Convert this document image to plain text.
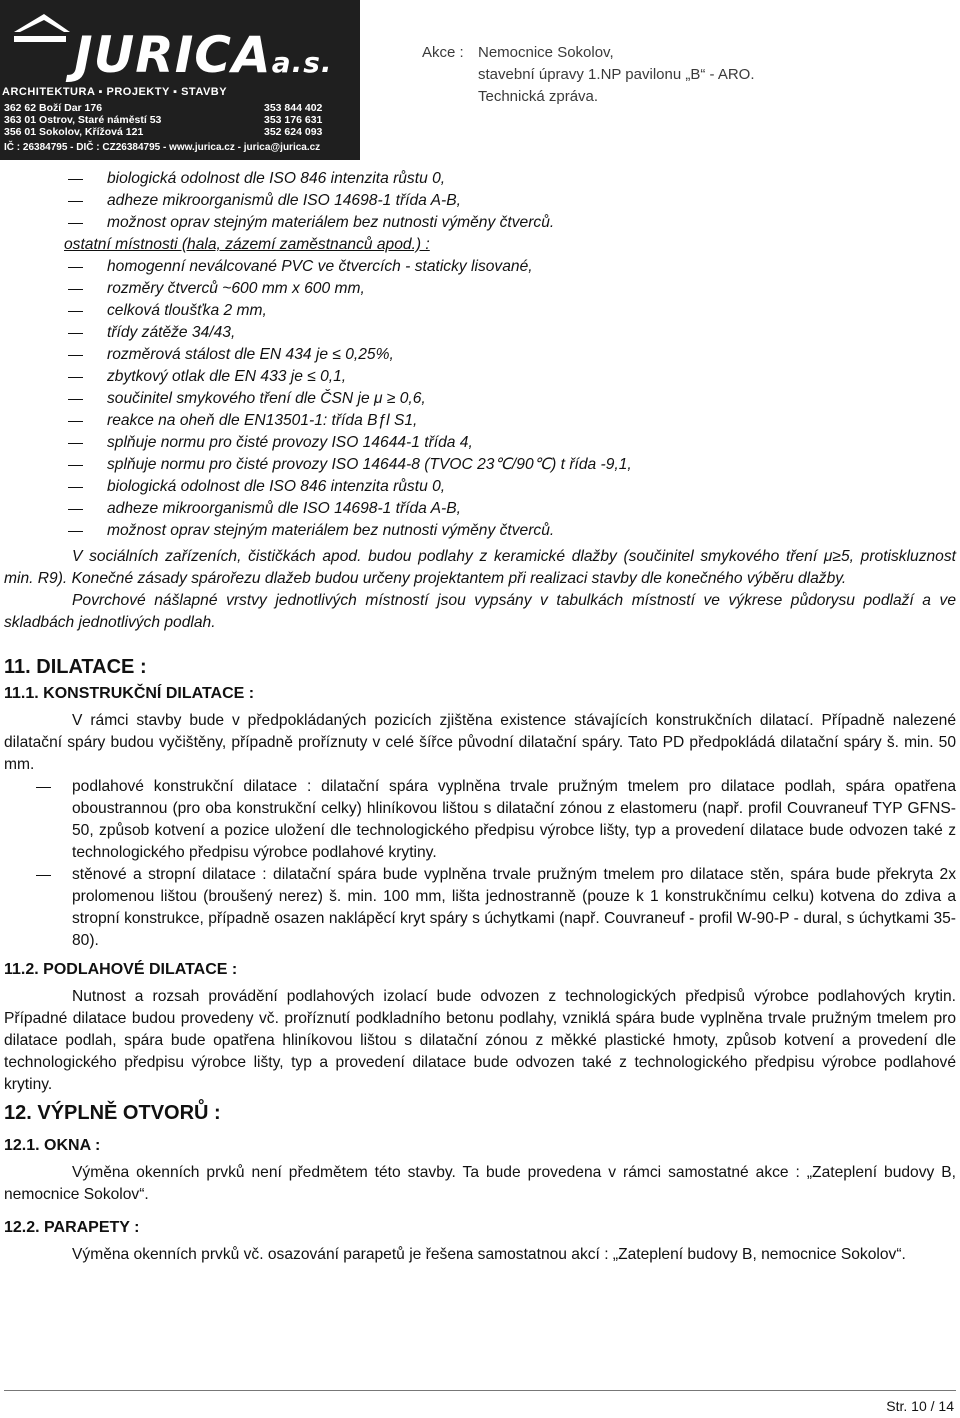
JURICAa.s.
ARCHITEKTURA ▪ PROJEKTY ▪ STAVBY
362 62 Boží Dar 176	353 844 402
363 01 Ostrov, Staré náměstí 53	353 176 631
356 01 Sokolov, Křížová 121	352 624 093
IČ : 26384795 - DIČ : CZ26384795 - www.jurica.cz - jurica@jurica.cz
Akce : Nemocnice Sokolov,
stavební úpravy 1.NP pavilonu „B“ - ARO.
Technická zpráva.
biologická odolnost dle ISO 846 intenzita růstu 0,
adheze mikroorganismů dle ISO 14698-1 třída A-B,
možnost oprav stejným materiálem bez nutnosti výměny čtverců.
ostatní místnosti (hala, zázemí zaměstnanců apod.) :
homogenní neválcované PVC ve čtvercích - staticky lisované,
rozměry čtverců ~600 mm x 600 mm,
celková tloušťka 2 mm,
třídy zátěže 34/43,
rozměrová stálost dle EN 434 je ≤ 0,25%,
zbytkový otlak dle EN 433 je ≤ 0,1,
součinitel smykového tření dle ČSN je μ ≥ 0,6,
reakce na oheň dle EN13501-1: třída Bƒl S1,
splňuje normu pro čisté provozy ISO 14644-1 třída 4,
splňuje normu pro čisté provozy ISO 14644-8 (TVOC 23℃/90℃) t řída -9,1,
biologická odolnost dle ISO 846 intenzita růstu 0,
adheze mikroorganismů dle ISO 14698-1 třída A-B,
možnost oprav stejným materiálem bez nutnosti výměny čtverců.
V sociálních zařízeních, čističkách apod. budou podlahy z keramické dlažby (součinitel smykového tření μ≥5, protiskluznost min. R9). Konečné zásady spárořezu dlažeb budou určeny projektantem při realizaci stavby dle konečného výběru dlažby.
Povrchové nášlapné vrstvy jednotlivých místností jsou vypsány v tabulkách místností ve výkrese půdorysu podlaží a ve skladbách jednotlivých podlah.
11. DILATACE :
11.1. KONSTRUKČNÍ DILATACE :
V rámci stavby bude v předpokládaných pozicích zjištěna existence stávajících konstrukčních dilatací. Případně nalezené dilatační spáry budou vyčištěny, případně proříznuty v celé šířce původní dilatační spáry. Tato PD předpokládá dilatační spáry š. min. 50 mm.
podlahové konstrukční dilatace : dilatační spára vyplněna trvale pružným tmelem pro dilatace podlah, spára opatřena oboustrannou (pro oba konstrukční celky) hliníkovou lištou s dilatační zónou z elastomeru (např. profil Couvraneuf TYP GFNS-50, způsob kotvení a pozice uložení dle technologického předpisu výrobce lišty, typ a provedení dilatace bude odvozen také z technologického předpisu výrobce podlahové krytiny.
stěnové a stropní dilatace : dilatační spára bude vyplněna trvale pružným tmelem pro dilatace stěn, spára bude překryta 2x prolomenou lištou (broušený nerez) š. min. 100 mm, lišta jednostranně (pouze k 1 konstrukčnímu celku) kotvena do zdiva a stropní konstrukce, případně osazen naklápěcí kryt spáry s úchytkami (např. Couvraneuf - profil W-90-P - dural, s úchytkami 35-80).
11.2. PODLAHOVÉ DILATACE :
Nutnost a rozsah provádění podlahových izolací bude odvozen z technologických předpisů výrobce podlahových krytin. Případné dilatace budou provedeny vč. proříznutí podkladního betonu podlahy, vzniklá spára bude vyplněna trvale pružným tmelem pro dilatace podlah, spára bude opatřena hliníkovou lištou s dilatační zónou z měkké plastické hmoty, způsob kotvení a provedení dle technologického předpisu výrobce lišty, typ a provedení dilatace bude odvozen také z technologického předpisu výrobce podlahové krytiny.
12. VÝPLNĚ OTVORŮ :
12.1. OKNA :
Výměna okenních prvků není předmětem této stavby. Ta bude provedena v rámci samostatné akce : „Zateplení budovy B, nemocnice Sokolov“.
12.2. PARAPETY :
Výměna okenních prvků vč. osazování parapetů je řešena samostatnou akcí : „Zateplení budovy B, nemocnice Sokolov“.
Str. 10 / 14
